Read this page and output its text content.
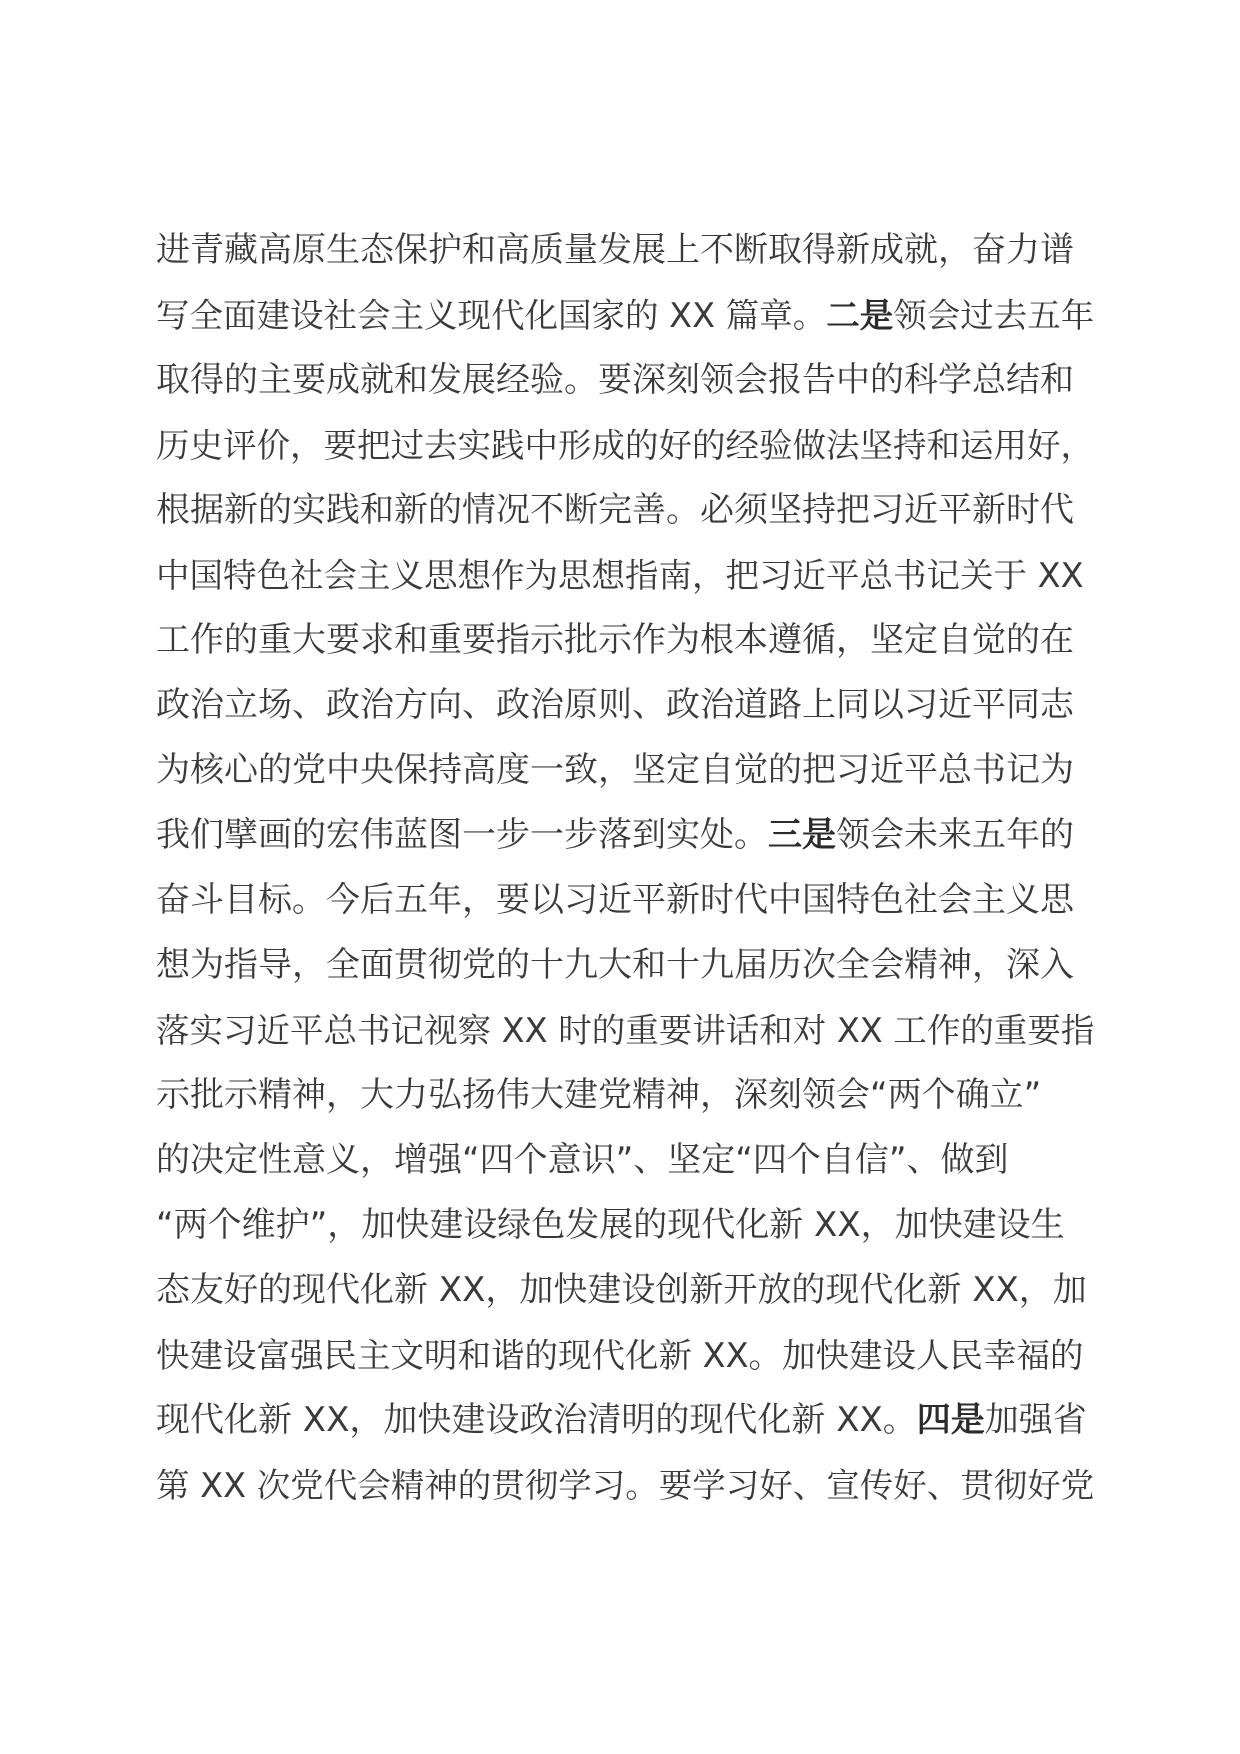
进青藏高原生态保护和高质量发展上不断取得新成就，奋力谱
写全面建设社会主义现代化国家的 XX 篇章。二是领会过去五年
取得的主要成就和发展经验。要深刻领会报告中的科学总结和
历史评价，要把过去实践中形成的好的经验做法坚持和运用好，
根据新的实践和新的情况不断完善。必须坚持把习近平新时代
中国特色社会主义思想作为思想指南，把习近平总书记关于 XX
工作的重大要求和重要指示批示作为根本遵循，坚定自觉的在
政治立场、政治方向、政治原则、政治道路上同以习近平同志
为核心的党中央保持高度一致，坚定自觉的把习近平总书记为
我们擘画的宏伟蓝图一步一步落到实处。三是领会未来五年的
奋斗目标。今后五年，要以习近平新时代中国特色社会主义思
想为指导，全面贯彻党的十九大和十九届历次全会精神，深入
落实习近平总书记视察 XX 时的重要讲话和对 XX 工作的重要指
示批示精神，大力弘扬伟大建党精神，深刻领会“两个确立”
的决定性意义，增强“四个意识”、坚定“四个自信”、做到
“两个维护”，加快建设绿色发展的现代化新 XX，加快建设生
态友好的现代化新 XX，加快建设创新开放的现代化新 XX，加
快建设富强民主文明和谐的现代化新 XX。加快建设人民幸福的
现代化新 XX，加快建设政治清明的现代化新 XX。四是加强省
第 XX 次党代会精神的贯彻学习。要学习好、宣传好、贯彻好党
